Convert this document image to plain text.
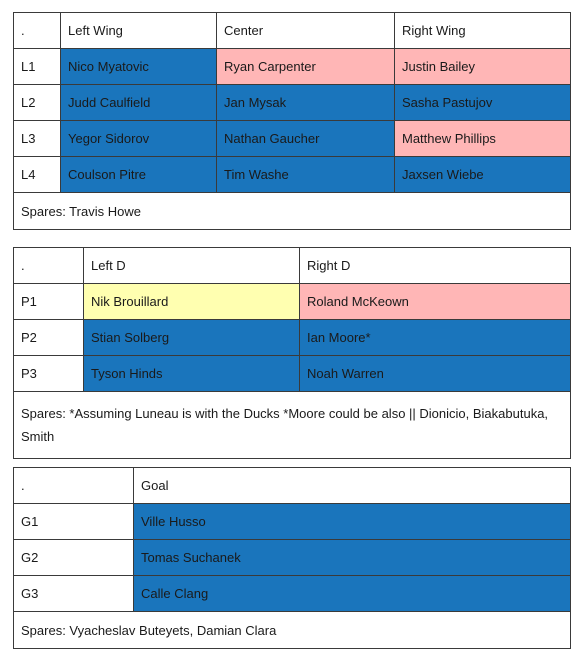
.	Left Wing	Center	Right Wing
L1	Nico Myatovic	Ryan Carpenter	Justin Bailey
L2	Judd Caulfield	Jan Mysak	Sasha Pastujov
L3	Yegor Sidorov	Nathan Gaucher	Matthew Phillips
L4	Coulson Pitre	Tim Washe	Jaxsen Wiebe
Spares: Travis Howe			
.	Left D	Right D
P1	Nik Brouillard	Roland McKeown
P2	Stian Solberg	Ian Moore*
P3	Tyson Hinds	Noah Warren
Spares: *Assuming Luneau is with the Ducks *Moore could be also || Dionicio, Biakabutuka, Smith		
.	Goal
G1	Ville Husso
G2	Tomas Suchanek
G3	Calle Clang
Spares: Vyacheslav Buteyets, Damian Clara	
